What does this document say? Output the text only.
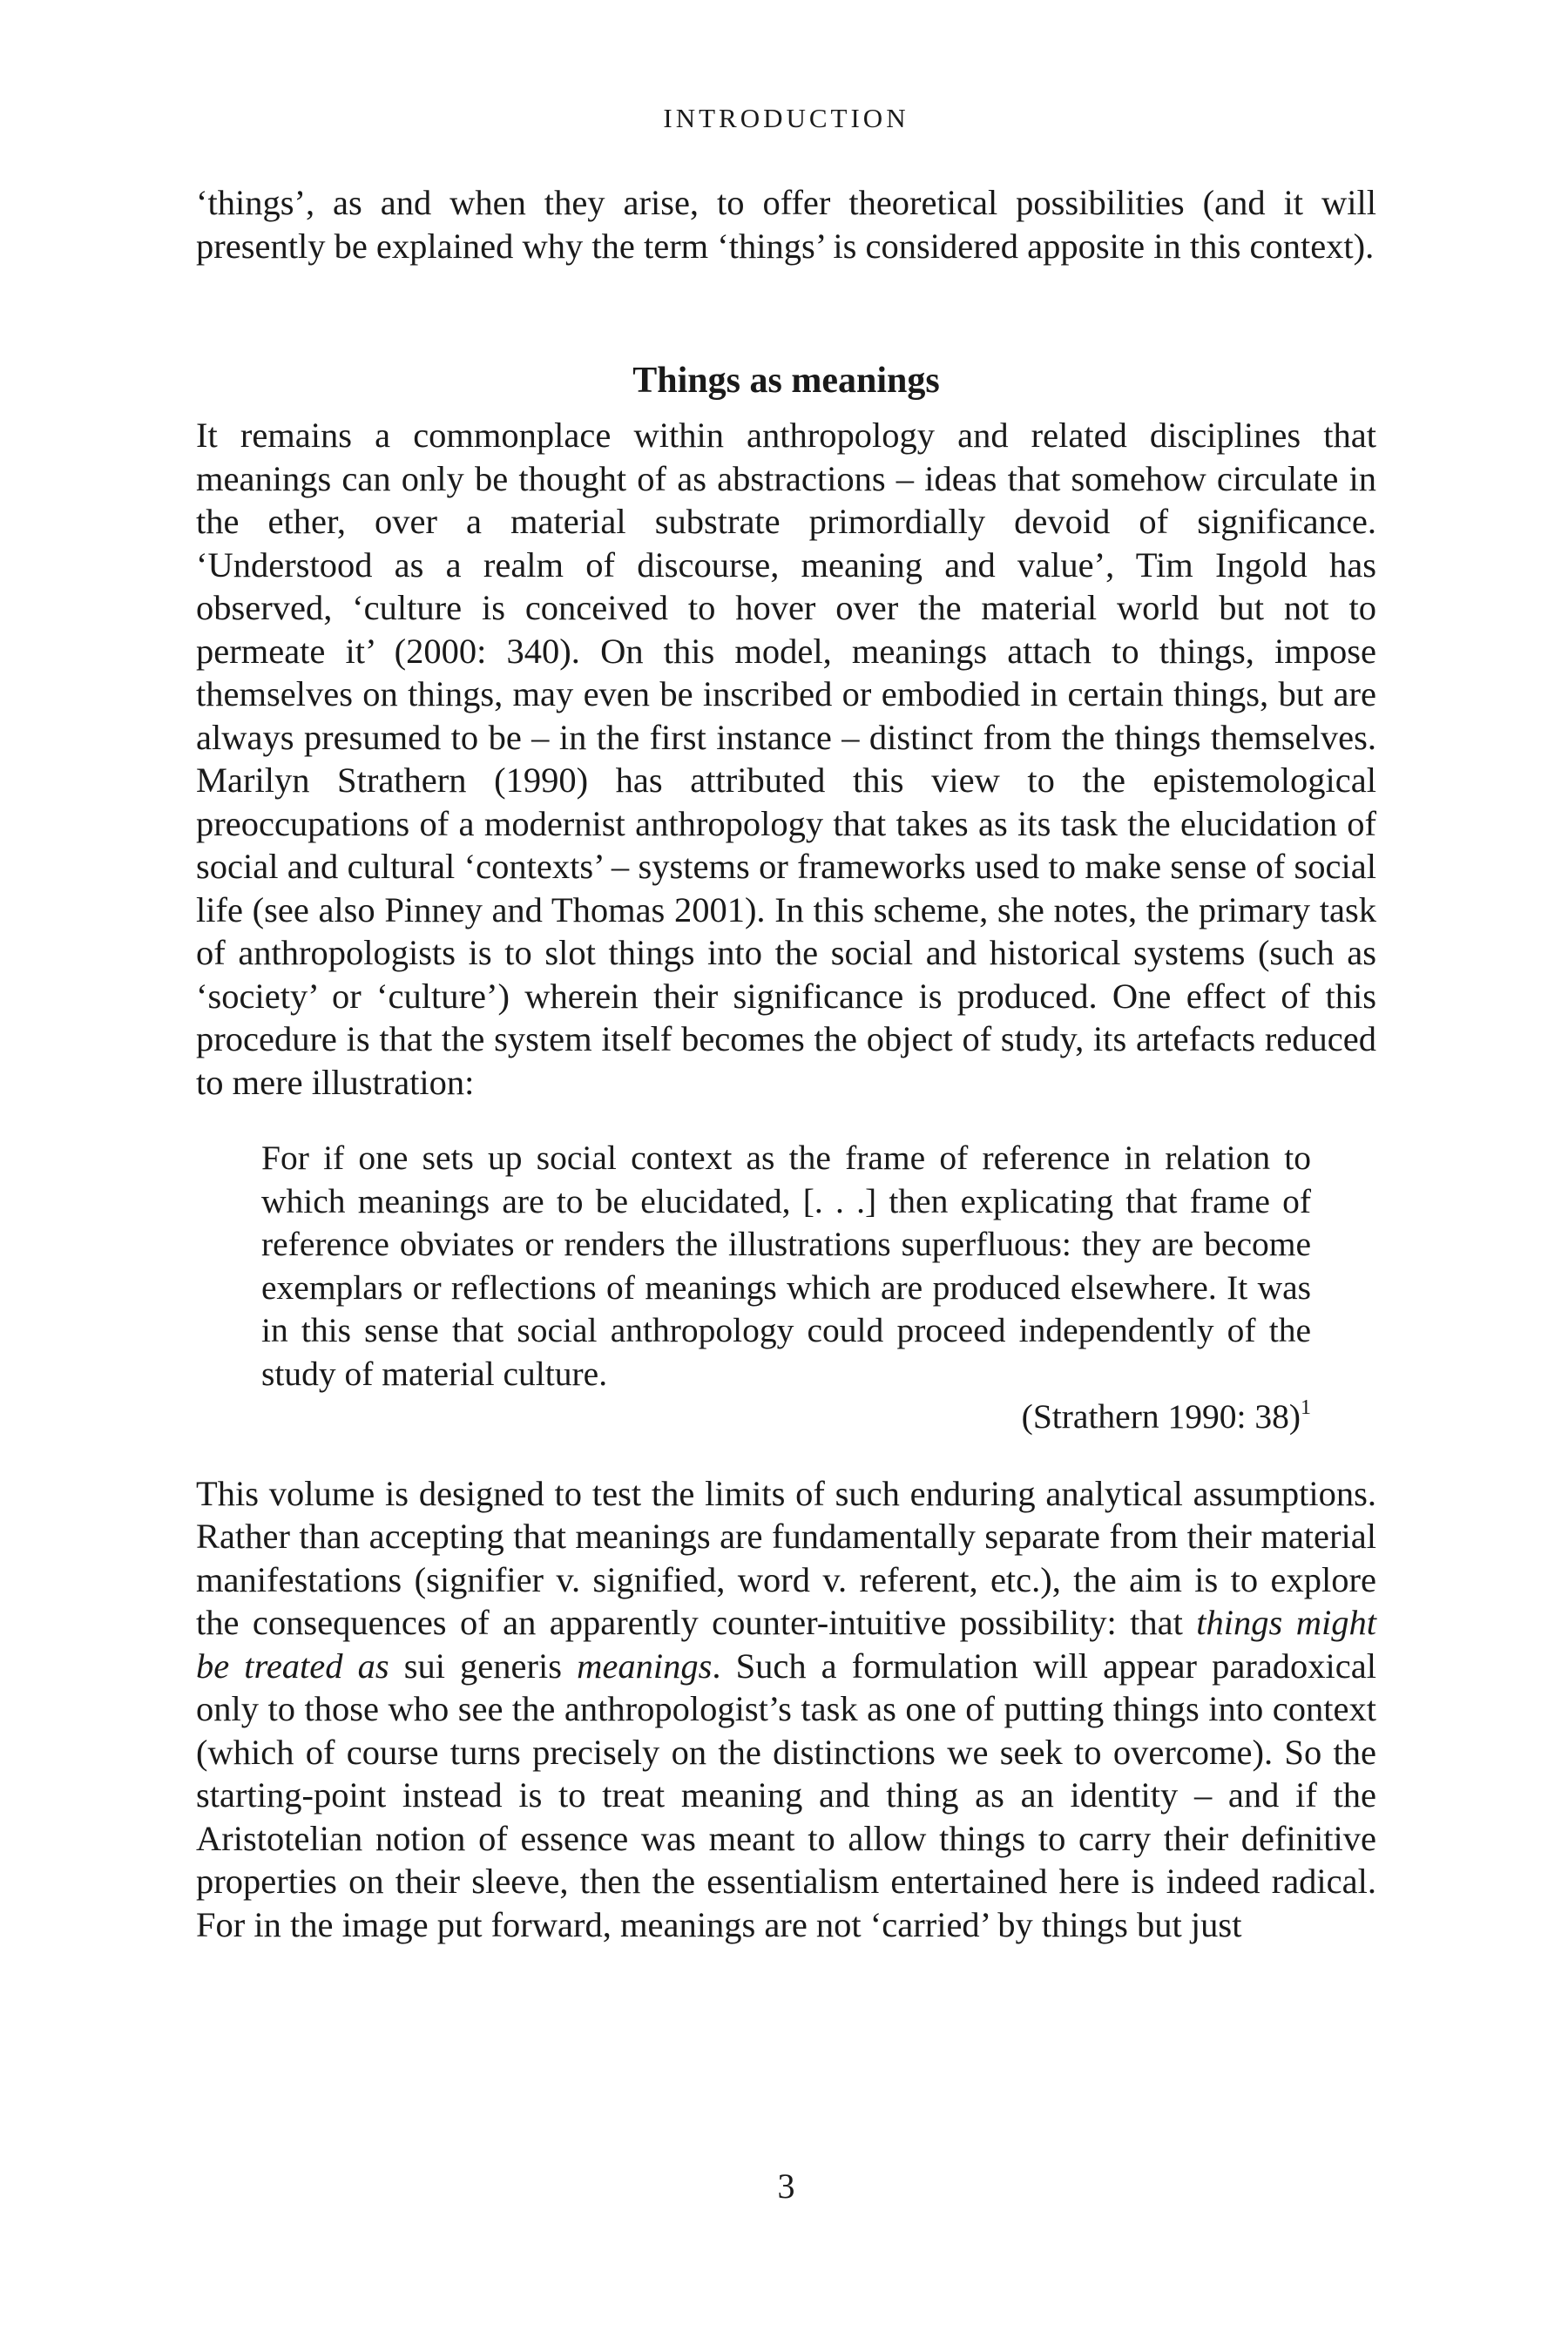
INTRODUCTION

‘things’, as and when they arise, to offer theoretical possibilities (and it will presently be explained why the term ‘things’ is considered apposite in this context).

Things as meanings

It remains a commonplace within anthropology and related disciplines that meanings can only be thought of as abstractions – ideas that somehow circulate in the ether, over a material substrate primordially devoid of significance. ‘Understood as a realm of discourse, meaning and value’, Tim Ingold has observed, ‘culture is conceived to hover over the material world but not to permeate it’ (2000: 340). On this model, meanings attach to things, impose themselves on things, may even be inscribed or embodied in certain things, but are always presumed to be – in the first instance – distinct from the things themselves. Marilyn Strathern (1990) has attributed this view to the epistemological preoccupations of a modernist anthropology that takes as its task the elucidation of social and cultural ‘contexts’ – systems or frameworks used to make sense of social life (see also Pinney and Thomas 2001). In this scheme, she notes, the primary task of anthropologists is to slot things into the social and historical systems (such as ‘society’ or ‘culture’) wherein their significance is produced. One effect of this procedure is that the system itself becomes the object of study, its artefacts reduced to mere illustration:

For if one sets up social context as the frame of reference in relation to which meanings are to be elucidated, [. . .] then explicating that frame of reference obviates or renders the illustrations superfluous: they are become exemplars or reflections of meanings which are produced elsewhere. It was in this sense that social anthropology could proceed independently of the study of material culture.

(Strathern 1990: 38)$^1$

This volume is designed to test the limits of such enduring analytical assumptions. Rather than accepting that meanings are fundamentally separate from their material manifestations (signifier v. signified, word v. referent, etc.), the aim is to explore the consequences of an apparently counter-intuitive possibility: that things might be treated as sui generis meanings. Such a formulation will appear paradoxical only to those who see the anthropologist’s task as one of putting things into context (which of course turns precisely on the distinctions we seek to overcome). So the starting-point instead is to treat meaning and thing as an identity – and if the Aristotelian notion of essence was meant to allow things to carry their definitive properties on their sleeve, then the essentialism entertained here is indeed radical. For in the image put forward, meanings are not ‘carried’ by things but just

3
